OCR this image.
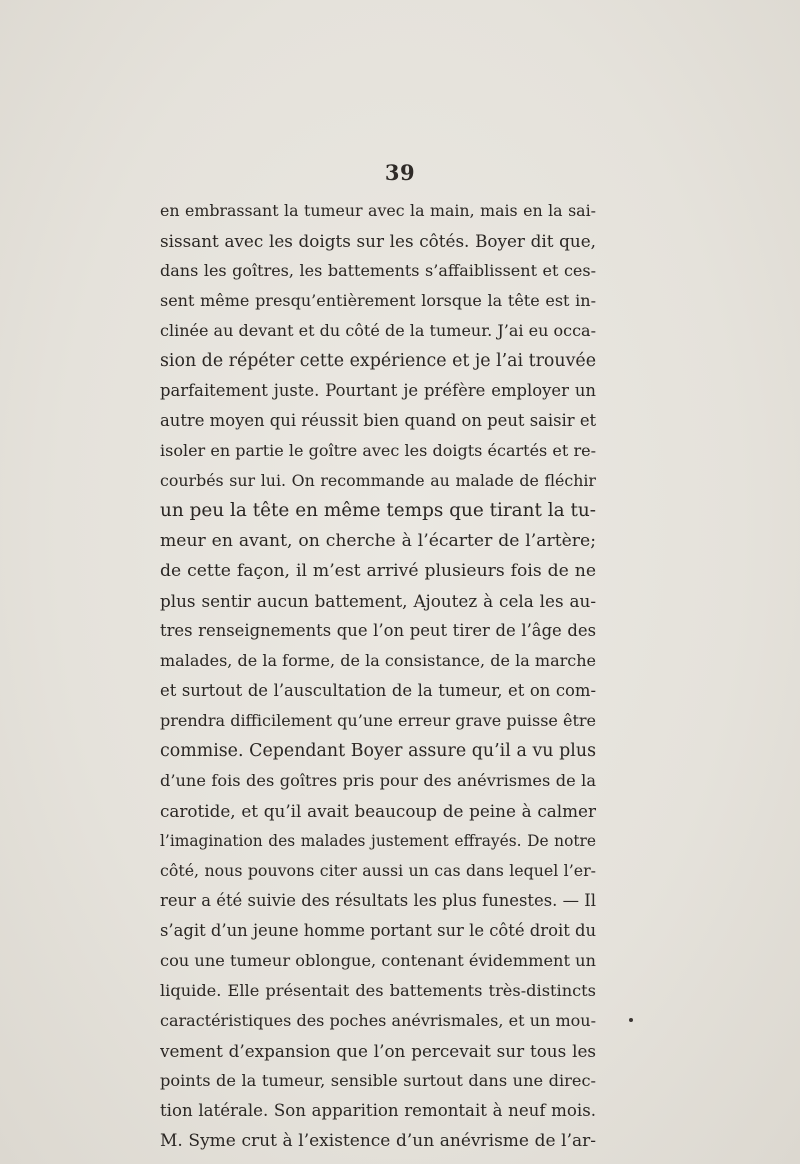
39
en embrassant la tumeur avec la main, mais en la sai-
sissant avec les doigts sur les côtés. Boyer dit que,
dans les goîtres, les battements s’affaiblissent et ces-
sent même presqu’entièrement lorsque la tête est in-
clinée au devant et du côté de la tumeur. J’ai eu occa-
sion de répéter cette expérience et je l’ai trouvée
parfaitement juste. Pourtant je préfère employer un
autre moyen qui réussit bien quand on peut saisir et
isoler en partie le goître avec les doigts écartés et re-
courbés sur lui. On recommande au malade de fléchir
un peu la tête en même temps que tirant la tu-
meur en avant, on cherche à l’écarter de l’artère;
de cette façon, il m’est arrivé plusieurs fois de ne
plus sentir aucun battement, Ajoutez à cela les au-
tres renseignements que l’on peut tirer de l’âge des
malades, de la forme, de la consistance, de la marche
et surtout de l’auscultation de la tumeur, et on com-
prendra difficilement qu’une erreur grave puisse être
commise. Cependant Boyer assure qu’il a vu plus
d’une fois des goîtres pris pour des anévrismes de la
carotide, et qu’il avait beaucoup de peine à calmer
l’imagination des malades justement effrayés. De notre
côté, nous pouvons citer aussi un cas dans lequel l’er-
reur a été suivie des résultats les plus funestes. — Il
s’agit d’un jeune homme portant sur le côté droit du
cou une tumeur oblongue, contenant évidemment un
liquide. Elle présentait des battements très-distincts
caractéristiques des poches anévrismales, et un mou-
vement d’expansion que l’on percevait sur tous les
points de la tumeur, sensible surtout dans une direc-
tion latérale. Son apparition remontait à neuf mois.
M. Syme crut à l’existence d’un anévrisme de l’ar-
